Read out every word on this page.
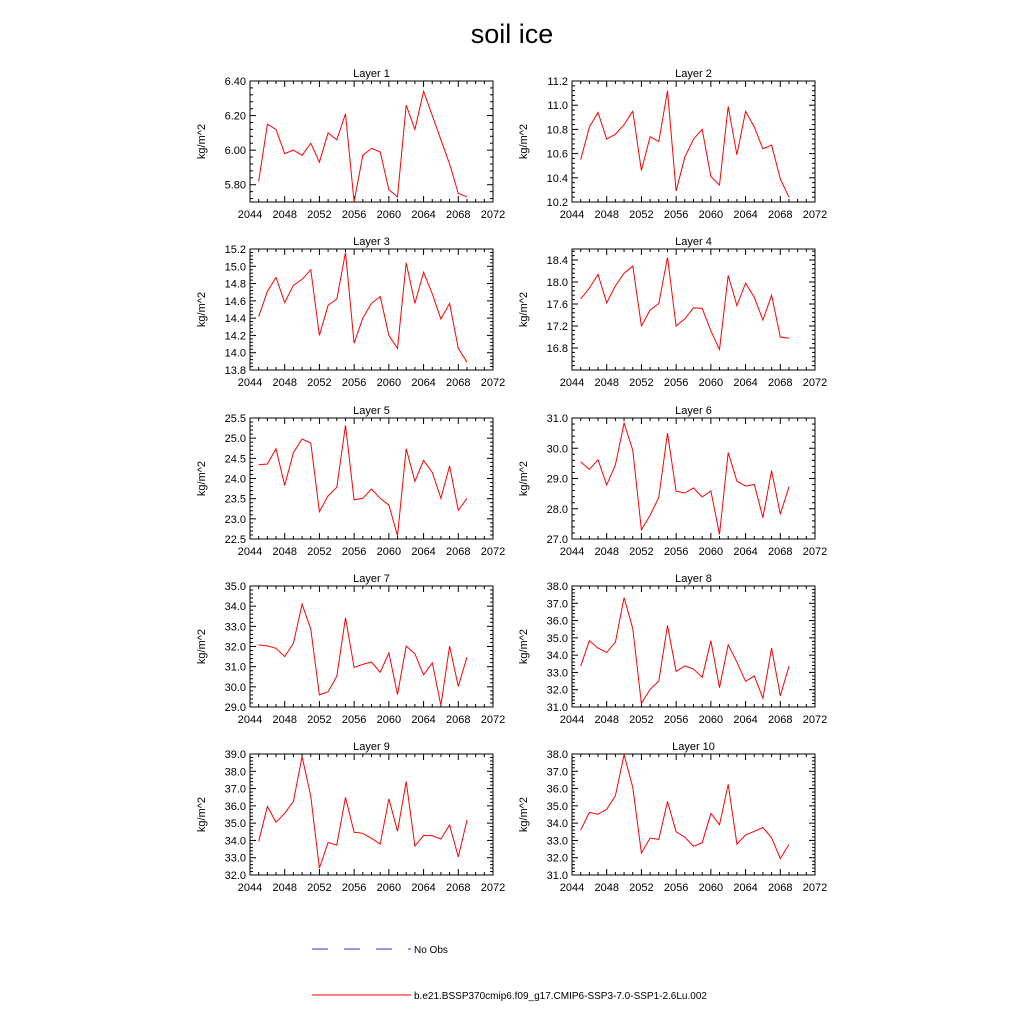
soil ice
Layer 1
kg/m^2
2044 2048 2052 2056 2060 2064 2068 2072
5.80
6.00
6.20
6.40
Layer 2
kg/m^2
2044 2048 2052 2056 2060 2064 2068 2072
10.2
10.4
10.6
10.8
11.0
11.2
Layer 3
kg/m^2
2044 2048 2052 2056 2060 2064 2068 2072
13.8
14.0
14.2
14.4
14.6
14.8
15.0
15.2
Layer 4
kg/m^2
2044 2048 2052 2056 2060 2064 2068 2072
16.8
17.2
17.6
18.0
18.4
Layer 5
kg/m^2
2044 2048 2052 2056 2060 2064 2068 2072
22.5
23.0
23.5
24.0
24.5
25.0
25.5
Layer 6
kg/m^2
2044 2048 2052 2056 2060 2064 2068 2072
27.0
28.0
29.0
30.0
31.0
Layer 7
kg/m^2
2044 2048 2052 2056 2060 2064 2068 2072
29.0
30.0
31.0
32.0
33.0
34.0
35.0
Layer 8
kg/m^2
2044 2048 2052 2056 2060 2064 2068 2072
31.0
32.0
33.0
34.0
35.0
36.0
37.0
38.0
Layer 9
kg/m^2
2044 2048 2052 2056 2060 2064 2068 2072
32.0
33.0
34.0
35.0
36.0
37.0
38.0
39.0
Layer 10
kg/m^2
2044 2048 2052 2056 2060 2064 2068 2072
31.0
32.0
33.0
34.0
35.0
36.0
37.0
38.0
No Obs
b.e21.BSSP370cmip6.f09_g17.CMIP6-SSP3-7.0-SSP1-2.6Lu.002
